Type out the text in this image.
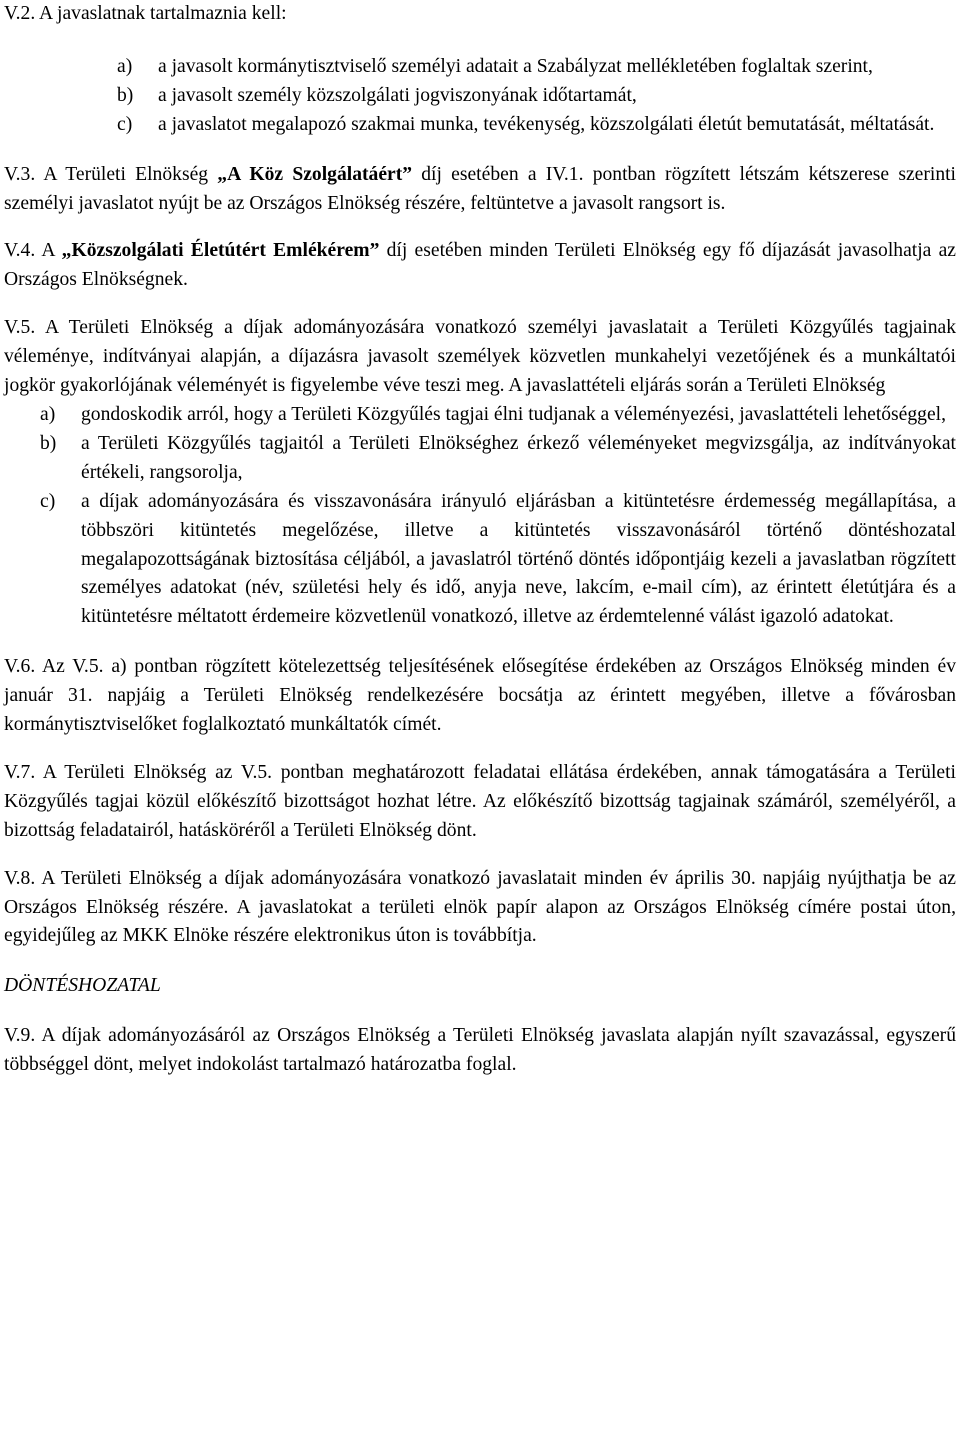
V.2. A javaslatnak tartalmaznia kell:

a) a javasolt kormánytisztviselő személyi adatait a Szabályzat mellékletében foglaltak szerint,
b) a javasolt személy közszolgálati jogviszonyának időtartamát,
c) a javaslatot megalapozó szakmai munka, tevékenység, közszolgálati életút bemutatását, méltatását.

V.3. A Területi Elnökség „A Köz Szolgálatáért” díj esetében a IV.1. pontban rögzített létszám kétszerese szerinti személyi javaslatot nyújt be az Országos Elnökség részére, feltüntetve a javasolt rangsort is.

V.4. A „Közszolgálati Életútért Emlékérem” díj esetében minden Területi Elnökség egy fő díjazását javasolhatja az Országos Elnökségnek.

V.5. A Területi Elnökség a díjak adományozására vonatkozó személyi javaslatait a Területi Közgyűlés tagjainak véleménye, indítványai alapján, a díjazásra javasolt személyek közvetlen munkahelyi vezetőjének és a munkáltatói jogkör gyakorlójának véleményét is figyelembe véve teszi meg. A javaslattételi eljárás során a Területi Elnökség

a) gondoskodik arról, hogy a Területi Közgyűlés tagjai élni tudjanak a véleményezési, javaslattételi lehetőséggel,
b) a Területi Közgyűlés tagjaitól a Területi Elnökséghez érkező véleményeket megvizsgálja, az indítványokat értékeli, rangsorolja,
c) a díjak adományozására és visszavonására irányuló eljárásban a kitüntetésre érdemesség megállapítása, a többszöri kitüntetés megelőzése, illetve a kitüntetés visszavonásáról történő döntéshozatal megalapozottságának biztosítása céljából, a javaslatról történő döntés időpontjáig kezeli a javaslatban rögzített személyes adatokat (név, születési hely és idő, anyja neve, lakcím, e-mail cím), az érintett életútjára és a kitüntetésre méltatott érdemeire közvetlenül vonatkozó, illetve az érdemtelenné válást igazoló adatokat.

V.6. Az V.5. a) pontban rögzített kötelezettség teljesítésének elősegítése érdekében az Országos Elnökség minden év január 31. napjáig a Területi Elnökség rendelkezésére bocsátja az érintett megyében, illetve a fővárosban kormánytisztviselőket foglalkoztató munkáltatók címét.

V.7. A Területi Elnökség az V.5. pontban meghatározott feladatai ellátása érdekében, annak támogatására a Területi Közgyűlés tagjai közül előkészítő bizottságot hozhat létre. Az előkészítő bizottság tagjainak számáról, személyéről, a bizottság feladatairól, hatásköréről a Területi Elnökség dönt.

V.8. A Területi Elnökség a díjak adományozására vonatkozó javaslatait minden év április 30. napjáig nyújthatja be az Országos Elnökség részére. A javaslatokat a területi elnök papír alapon az Országos Elnökség címére postai úton, egyidejűleg az MKK Elnöke részére elektronikus úton is továbbítja.

DÖNTÉSHOZATAL

V.9. A díjak adományozásáról az Országos Elnökség a Területi Elnökség javaslata alapján nyílt szavazással, egyszerű többséggel dönt, melyet indokolást tartalmazó határozatba foglal.
